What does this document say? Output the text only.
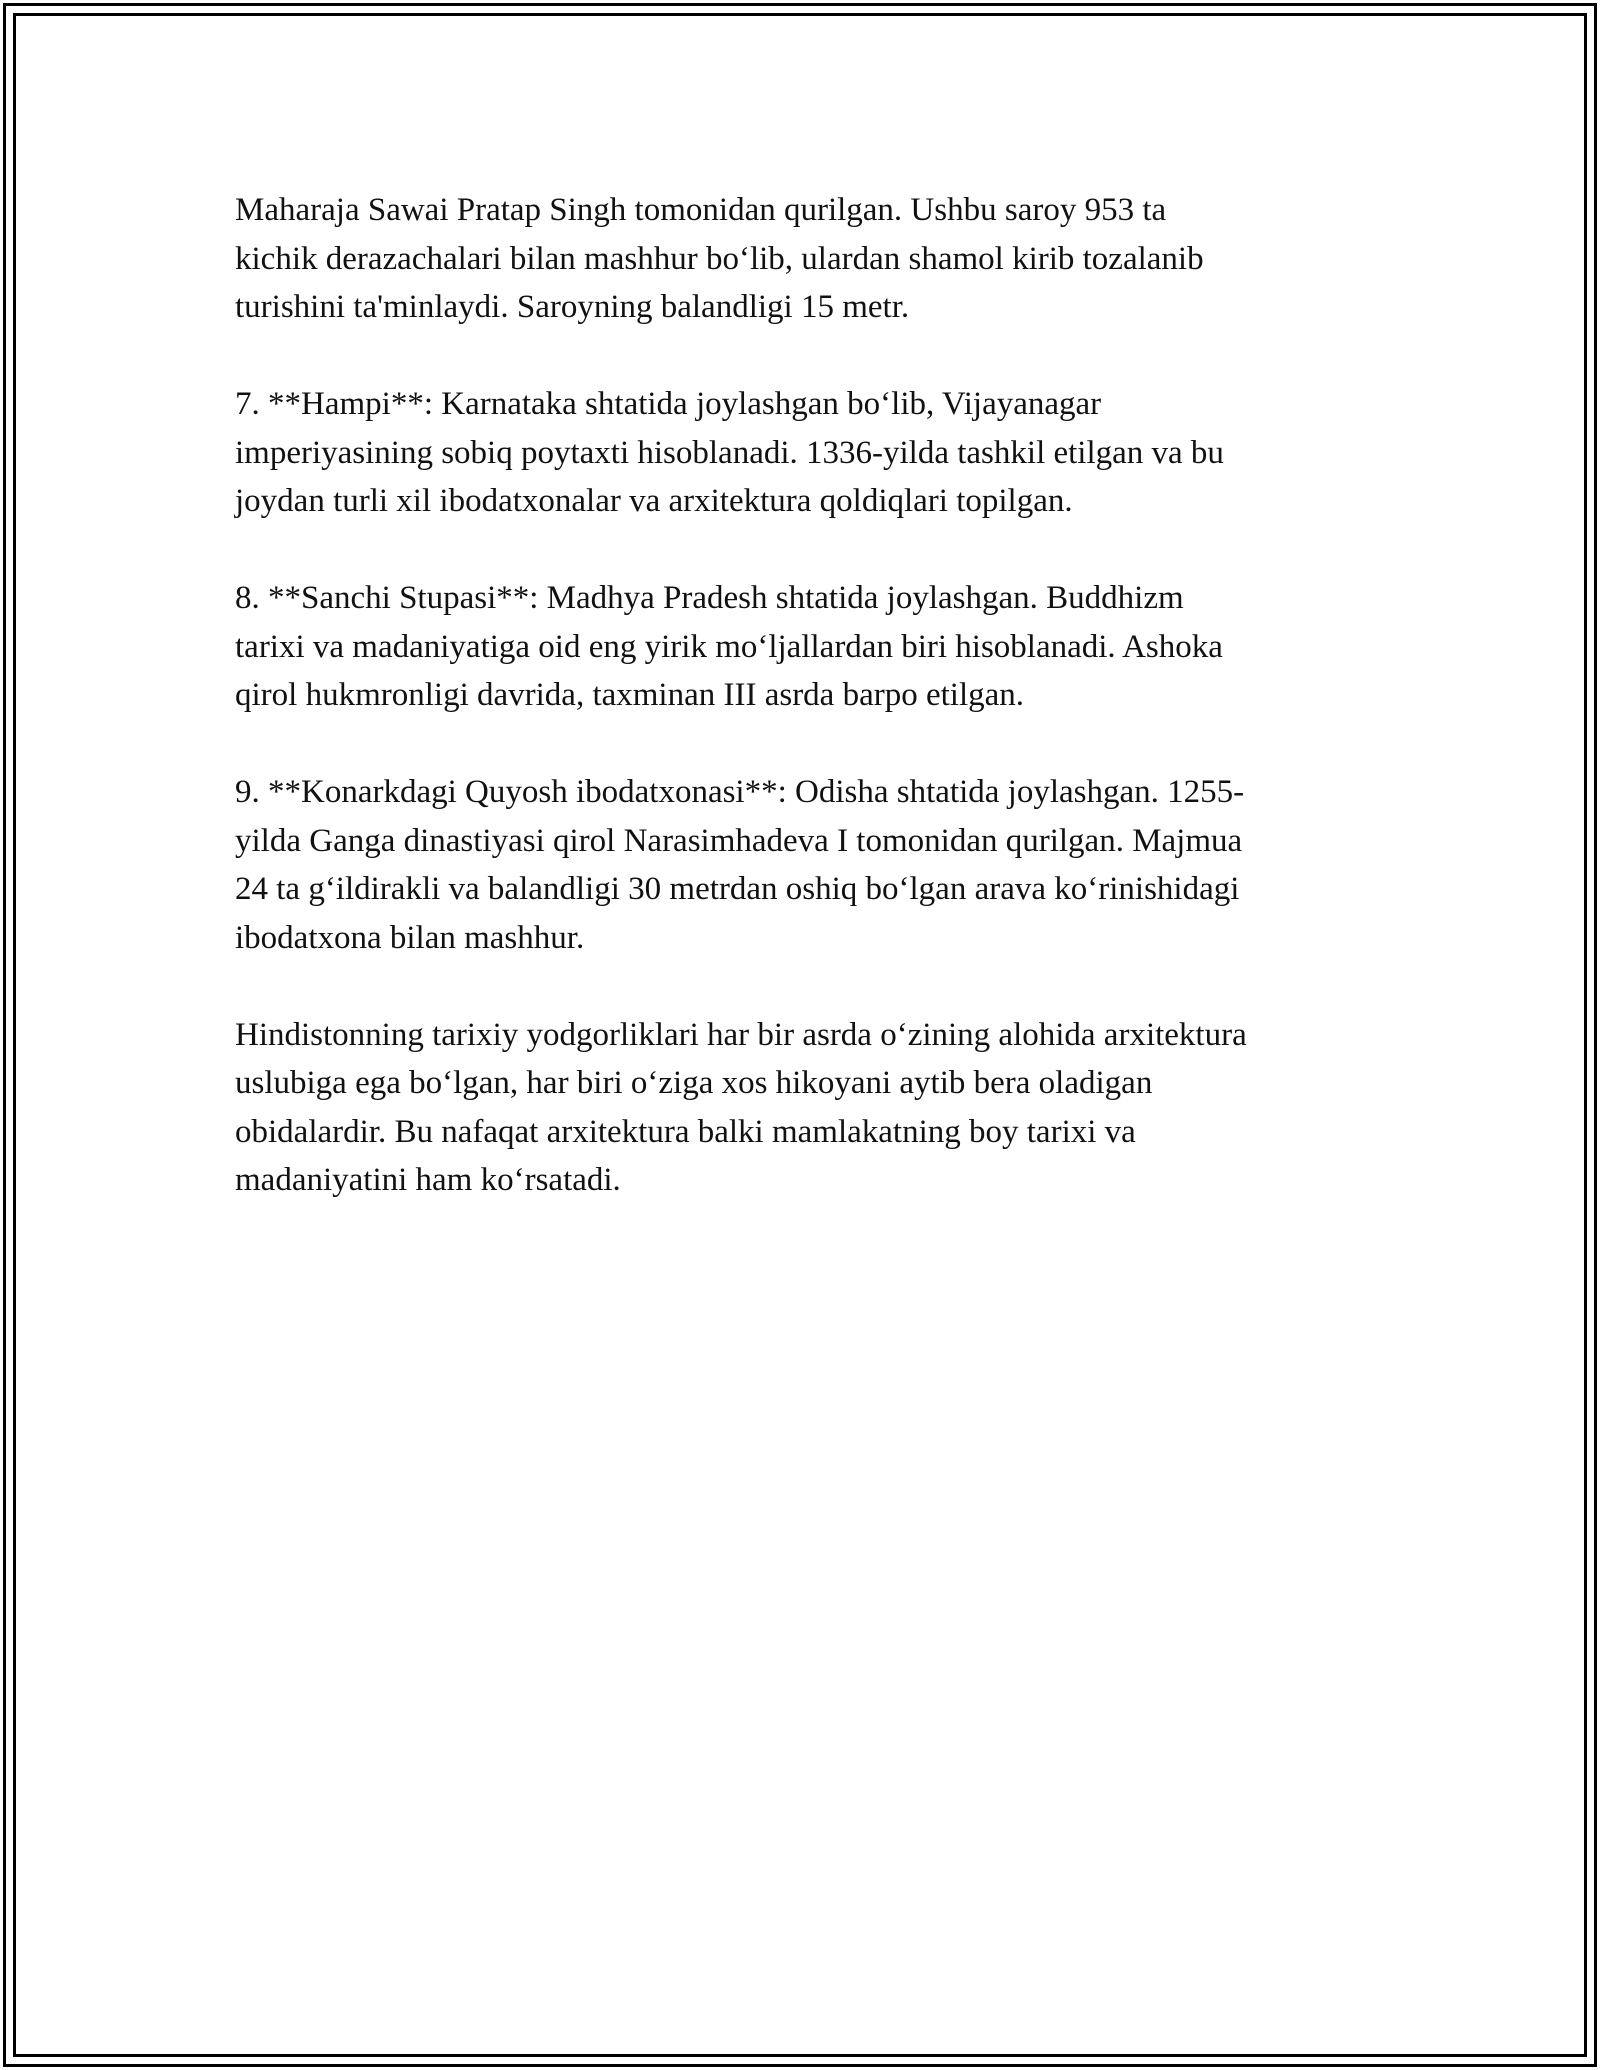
Maharaja Sawai Pratap Singh tomonidan qurilgan. Ushbu saroy 953 ta
kichik derazachalari bilan mashhur bo‘lib, ulardan shamol kirib tozalanib
turishini ta'minlaydi. Saroyning balandligi 15 metr.

7. **Hampi**: Karnataka shtatida joylashgan bo‘lib, Vijayanagar
imperiyasining sobiq poytaxti hisoblanadi. 1336-yilda tashkil etilgan va bu
joydan turli xil ibodatxonalar va arxitektura qoldiqlari topilgan.

8. **Sanchi Stupasi**: Madhya Pradesh shtatida joylashgan. Buddhizm
tarixi va madaniyatiga oid eng yirik mo‘ljallardan biri hisoblanadi. Ashoka
qirol hukmronligi davrida, taxminan III asrda barpo etilgan.

9. **Konarkdagi Quyosh ibodatxonasi**: Odisha shtatida joylashgan. 1255-
yilda Ganga dinastiyasi qirol Narasimhadeva I tomonidan qurilgan. Majmua
24 ta g‘ildirakli va balandligi 30 metrdan oshiq bo‘lgan arava ko‘rinishidagi
ibodatxona bilan mashhur.

Hindistonning tarixiy yodgorliklari har bir asrda o‘zining alohida arxitektura
uslubiga ega bo‘lgan, har biri o‘ziga xos hikoyani aytib bera oladigan
obidalardir. Bu nafaqat arxitektura balki mamlakatning boy tarixi va
madaniyatini ham ko‘rsatadi.
